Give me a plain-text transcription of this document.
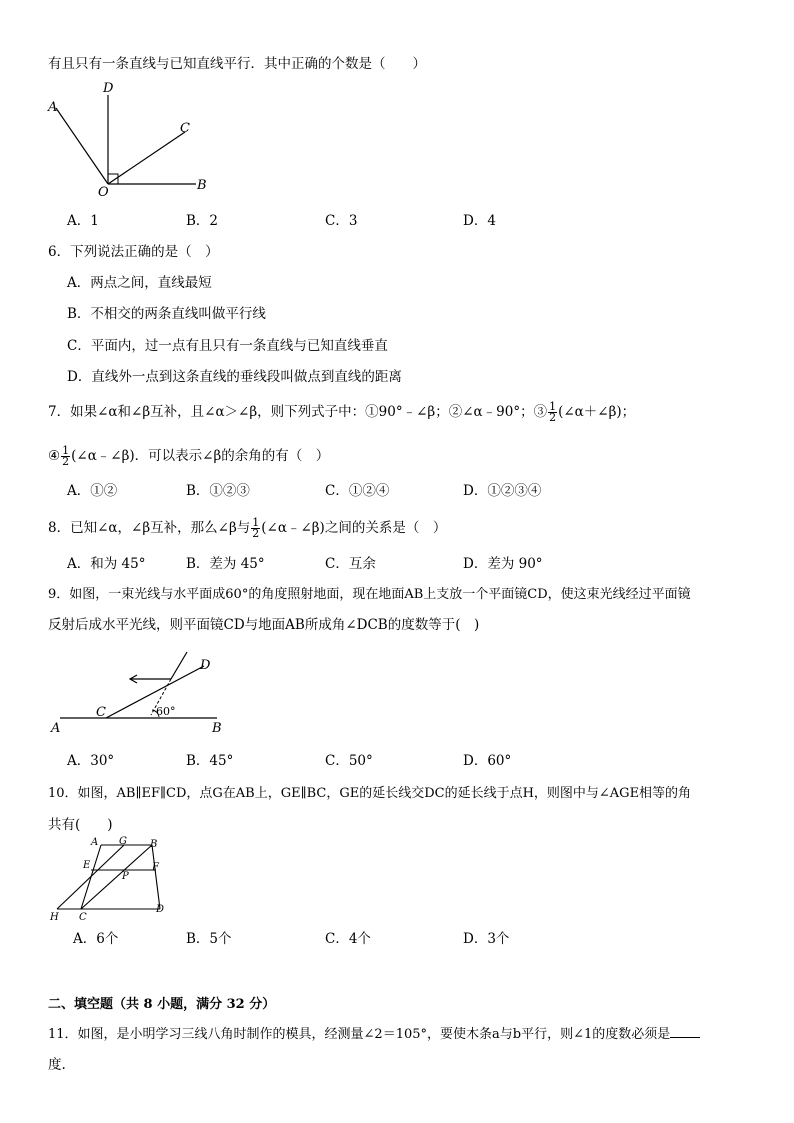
有且只有一条直线与已知直线平行．其中正确的个数是（　　）
A
D
C
O	B
A．1	B．2	C．3	D．4
6．下列说法正确的是（　）
A．两点之间，直线最短
B．不相交的两条直线叫做平行线
C．平面内，过一点有且只有一条直线与已知直线垂直
D．直线外一点到这条直线的垂线段叫做点到直线的距离
7．如果∠α和∠β互补，且∠α＞∠β，则下列式子中：①90°﹣∠β；②∠α﹣90°；③ $\frac{1}{2}$ (∠α＋∠β)；
④ $\frac{1}{2}$ (∠α﹣∠β)．可以表示∠β的余角的有（　）
A．①②	B．①②③	C．①②④	D．①②③④
8．已知∠α，∠β互补，那么∠β与 $\frac{1}{2}$ (∠α﹣∠β)之间的关系是（　）
A．和为 45°	B．差为 45°	C．互余	D．差为 90°
9．如图，一束光线与水平面成60°的角度照射地面，现在地面AB上支放一个平面镜CD，使这束光线经过平面镜
反射后成水平光线，则平面镜CD与地面AB所成角∠DCB的度数等于(　)
A	B
C
D
60°
A．30°	B．45°	C．50°	D．60°
10．如图，AB∥EF∥CD，点G在AB上，GE∥BC，GE的延长线交DC的延长线于点H，则图中与∠AGE相等的角
共有(　　)
A G B
E	F
P
H C
D
A．6个	B．5个	C．4个	D．3个
二、填空题（共 8 小题，满分 32 分）
11．如图，是小明学习三线八角时制作的模具，经测量∠2＝105°，要使木条a与b平行，则∠1的度数必须是
度.
